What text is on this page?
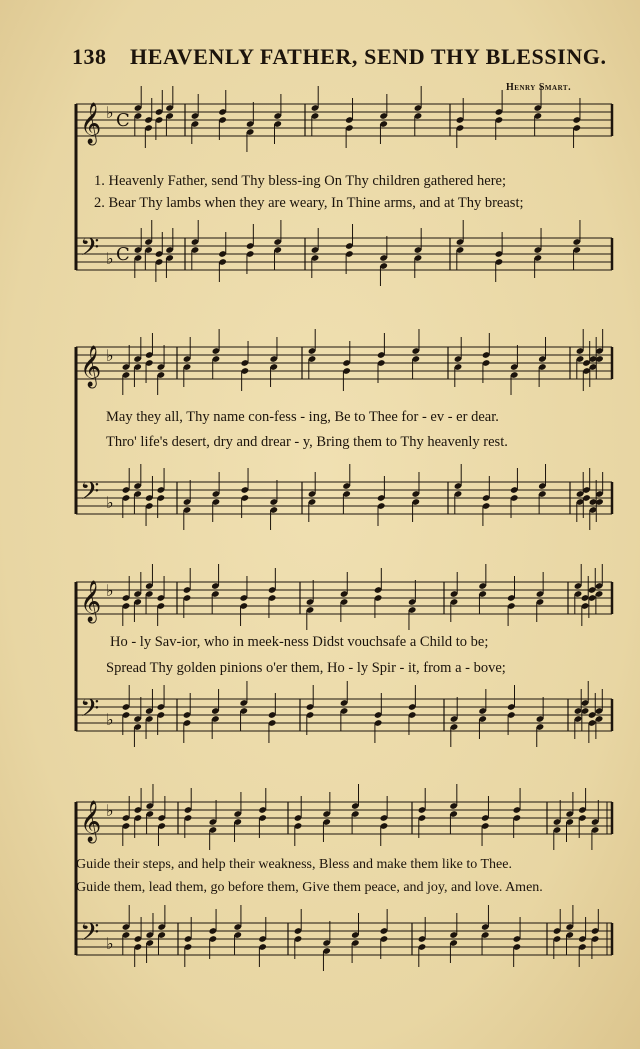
138 HEAVENLY FATHER, SEND THY BLESSING.
Henry Smart.
𝄞 ♭ C
𝄢 ♭ C
𝄞 ♭
𝄢 ♭
𝄞 ♭
𝄢 ♭
𝄞 ♭
𝄢 ♭
1. Heavenly Father, send Thy bless-ing On Thy children gathered here;
2. Bear Thy lambs when they are weary, In Thine arms, and at Thy breast;
May they all, Thy name con-fess - ing, Be to Thee for - ev - er dear.
Thro' life's desert, dry and drear - y, Bring them to Thy heavenly rest.
Ho - ly Sav-ior, who in meek-ness Didst vouchsafe a Child to be;
Spread Thy golden pinions o'er them, Ho - ly Spir - it, from a - bove;
Guide their steps, and help their weakness, Bless and make them like to Thee.
Guide them, lead them, go before them, Give them peace, and joy, and love. Amen.
